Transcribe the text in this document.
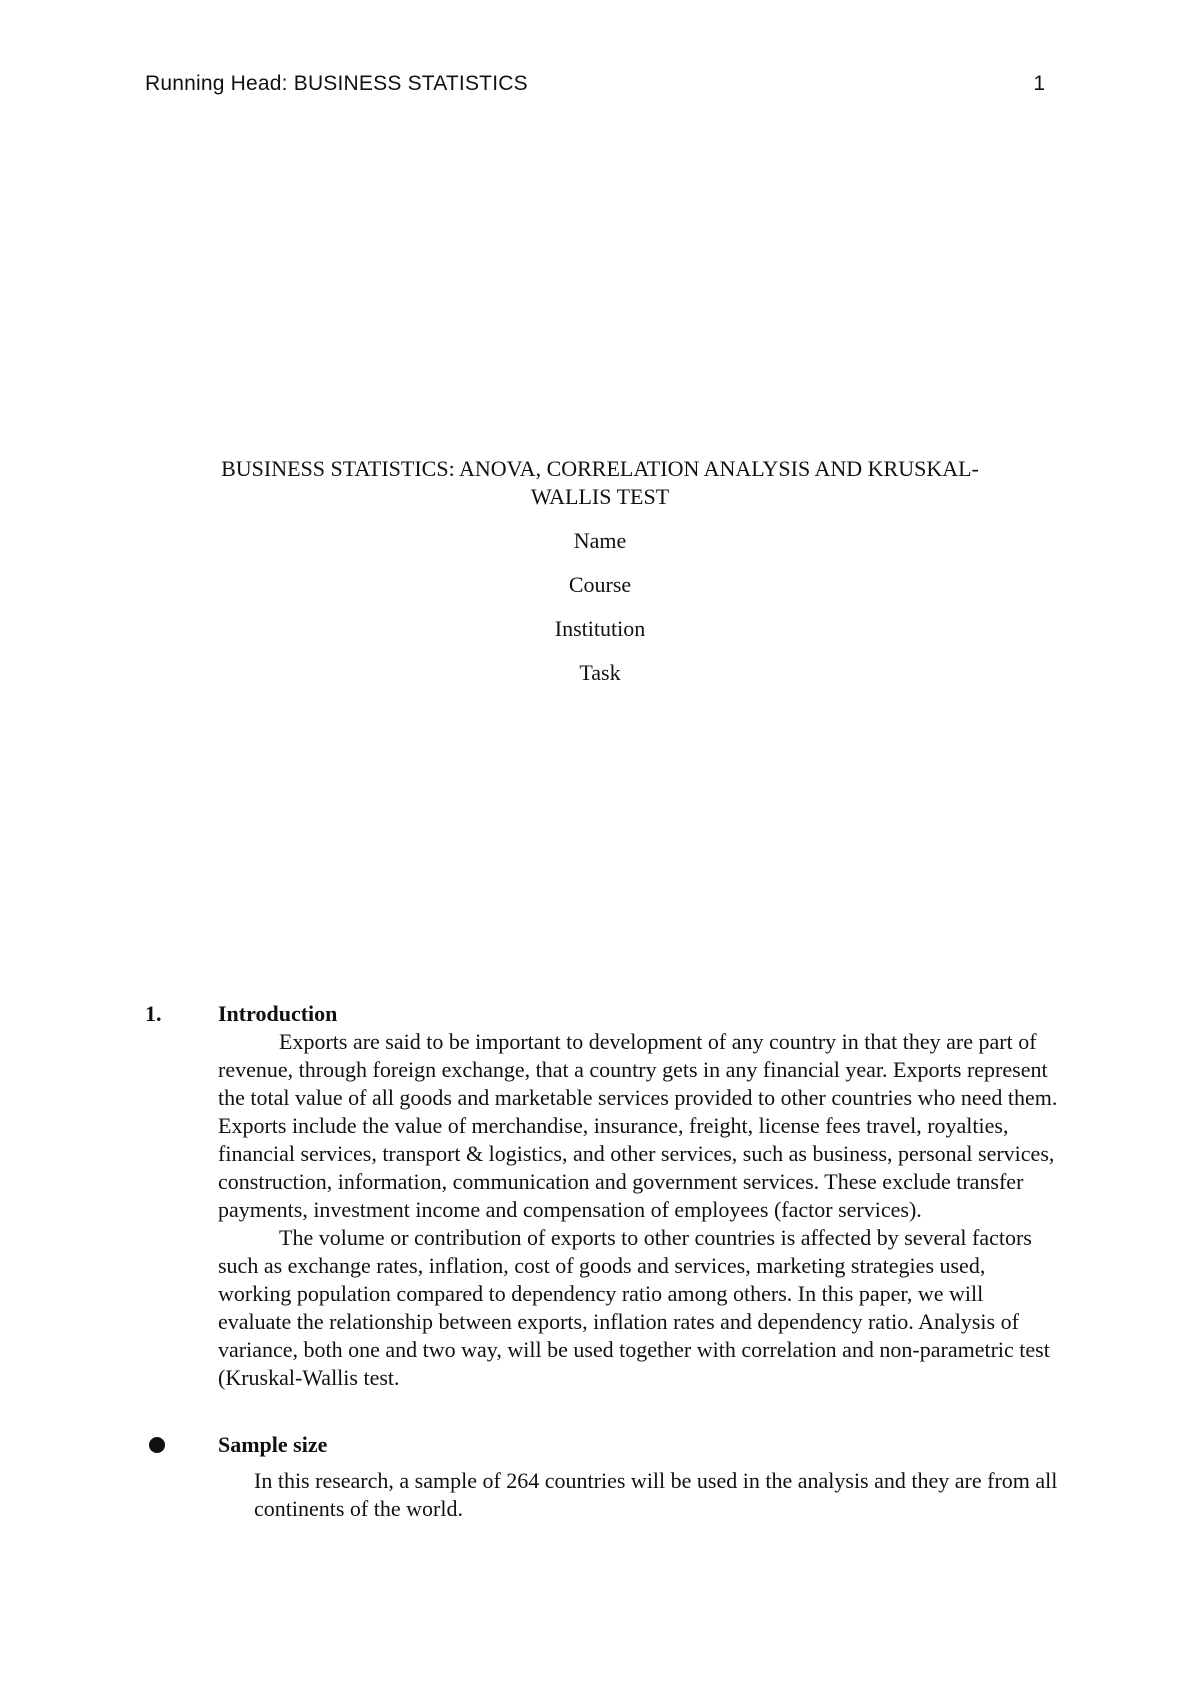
Running Head: BUSINESS STATISTICS	1
BUSINESS STATISTICS: ANOVA, CORRELATION ANALYSIS AND KRUSKAL-
WALLIS TEST
Name
Course
Institution
Task
1.	Introduction

Exports are said to be important to development of any country in that they are part of revenue, through foreign exchange, that a country gets in any financial year. Exports represent the total value of all goods and marketable services provided to other countries who need them. Exports include the value of merchandise, insurance, freight, license fees travel, royalties, financial services, transport & logistics, and other services, such as business, personal services, construction, information, communication and government services. These exclude transfer payments, investment income and compensation of employees (factor services).

The volume or contribution of exports to other countries is affected by several factors such as exchange rates, inflation, cost of goods and services, marketing strategies used, working population compared to dependency ratio among others. In this paper, we will evaluate the relationship between exports, inflation rates and dependency ratio. Analysis of variance, both one and two way, will be used together with correlation and non-parametric test (Kruskal-Wallis test.

Sample size
In this research, a sample of 264 countries will be used in the analysis and they are from all continents of the world.
